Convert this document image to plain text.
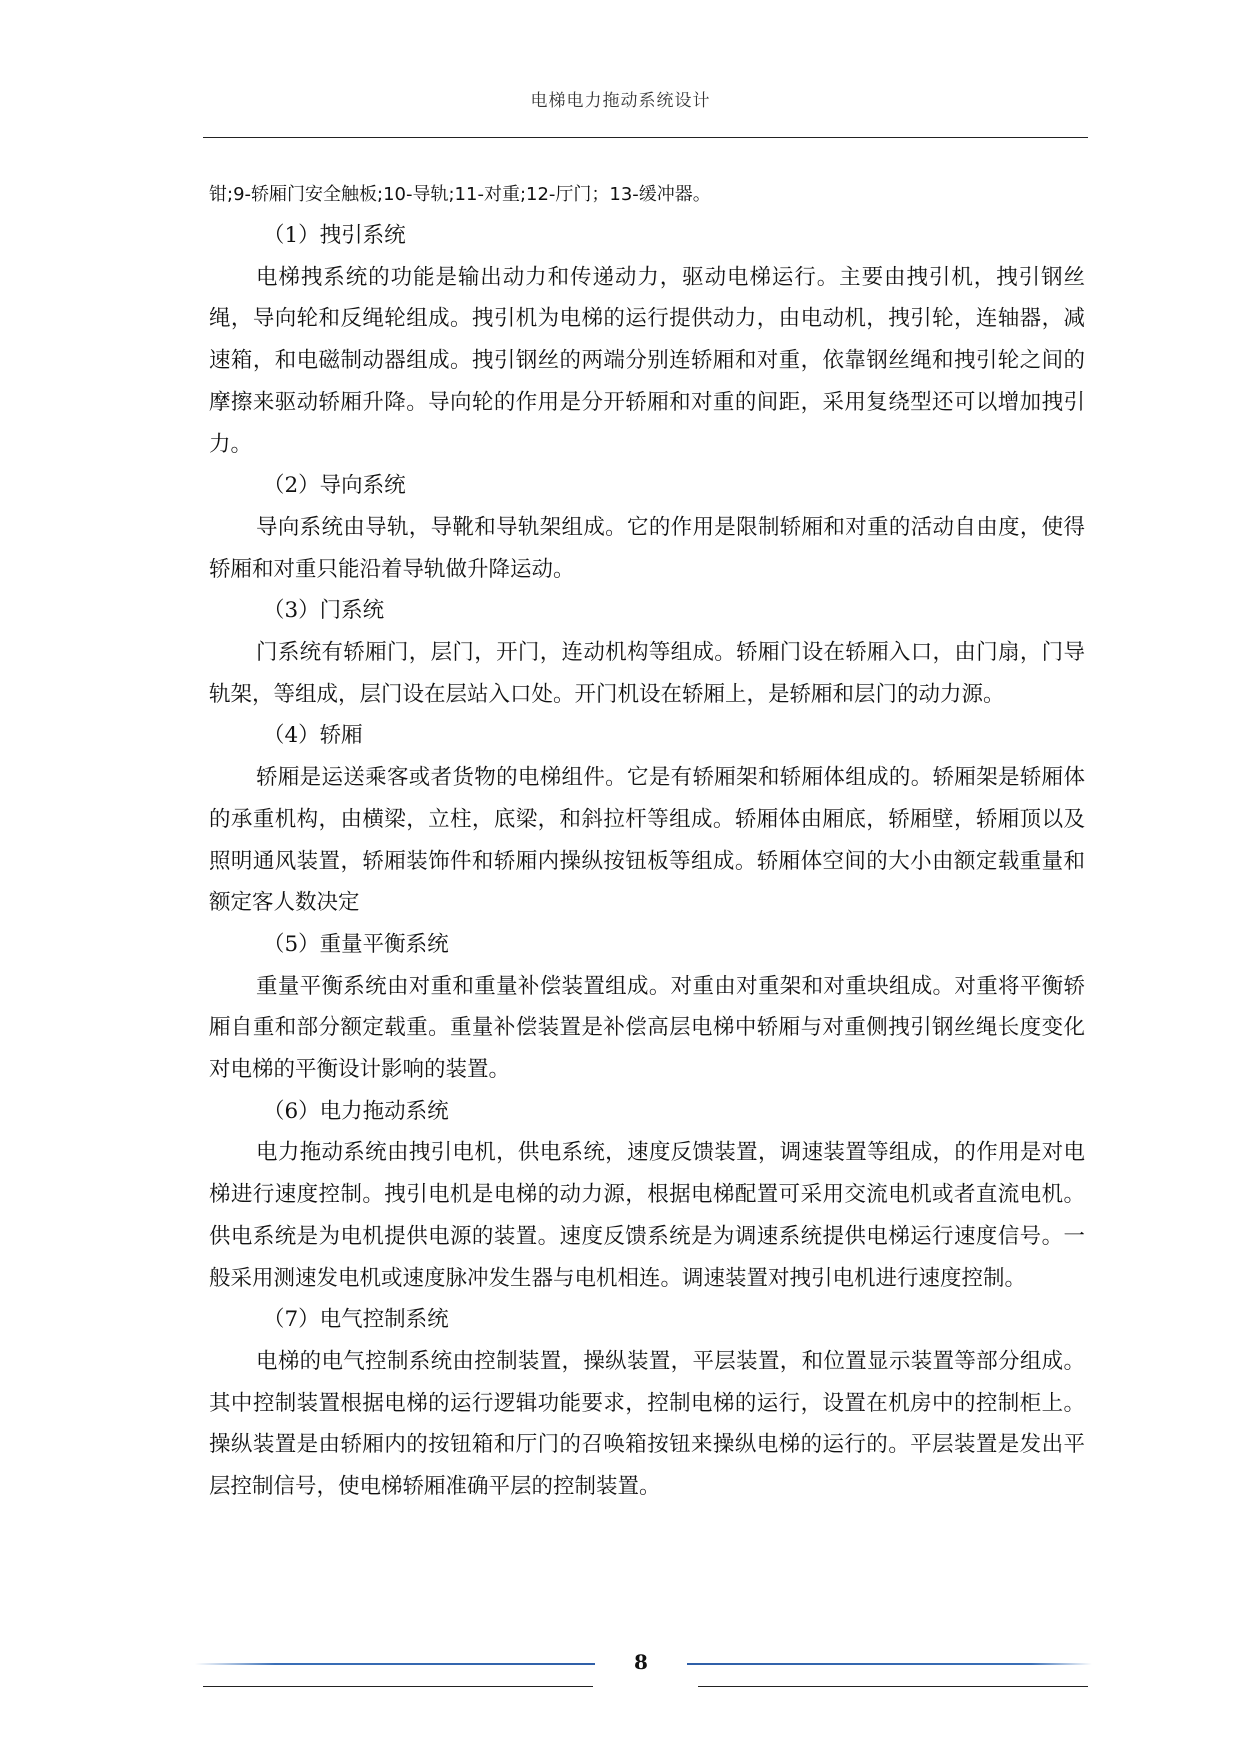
电梯电力拖动系统设计

钳;9-轿厢门安全触板;10-导轨;11-对重;12-厅门；13-缓冲器。

（1）拽引系统

电梯拽系统的功能是输出动力和传递动力，驱动电梯运行。主要由拽引机，拽引钢丝绳，导向轮和反绳轮组成。拽引机为电梯的运行提供动力，由电动机，拽引轮，连轴器，减速箱，和电磁制动器组成。拽引钢丝的两端分别连轿厢和对重，依靠钢丝绳和拽引轮之间的摩擦来驱动轿厢升降。导向轮的作用是分开轿厢和对重的间距，采用复绕型还可以增加拽引力。

（2）导向系统

导向系统由导轨，导靴和导轨架组成。它的作用是限制轿厢和对重的活动自由度，使得轿厢和对重只能沿着导轨做升降运动。

（3）门系统

门系统有轿厢门，层门，开门，连动机构等组成。轿厢门设在轿厢入口，由门扇，门导轨架，等组成，层门设在层站入口处。开门机设在轿厢上，是轿厢和层门的动力源。

（4）轿厢

轿厢是运送乘客或者货物的电梯组件。它是有轿厢架和轿厢体组成的。轿厢架是轿厢体的承重机构，由横梁，立柱，底梁，和斜拉杆等组成。轿厢体由厢底，轿厢壁，轿厢顶以及照明通风装置，轿厢装饰件和轿厢内操纵按钮板等组成。轿厢体空间的大小由额定载重量和额定客人数决定

（5）重量平衡系统

重量平衡系统由对重和重量补偿装置组成。对重由对重架和对重块组成。对重将平衡轿厢自重和部分额定载重。重量补偿装置是补偿高层电梯中轿厢与对重侧拽引钢丝绳长度变化对电梯的平衡设计影响的装置。

（6）电力拖动系统

电力拖动系统由拽引电机，供电系统，速度反馈装置，调速装置等组成，的作用是对电梯进行速度控制。拽引电机是电梯的动力源，根据电梯配置可采用交流电机或者直流电机。供电系统是为电机提供电源的装置。速度反馈系统是为调速系统提供电梯运行速度信号。一般采用测速发电机或速度脉冲发生器与电机相连。调速装置对拽引电机进行速度控制。

（7）电气控制系统

电梯的电气控制系统由控制装置，操纵装置，平层装置，和位置显示装置等部分组成。其中控制装置根据电梯的运行逻辑功能要求，控制电梯的运行，设置在机房中的控制柜上。操纵装置是由轿厢内的按钮箱和厅门的召唤箱按钮来操纵电梯的运行的。平层装置是发出平层控制信号，使电梯轿厢准确平层的控制装置。

8
